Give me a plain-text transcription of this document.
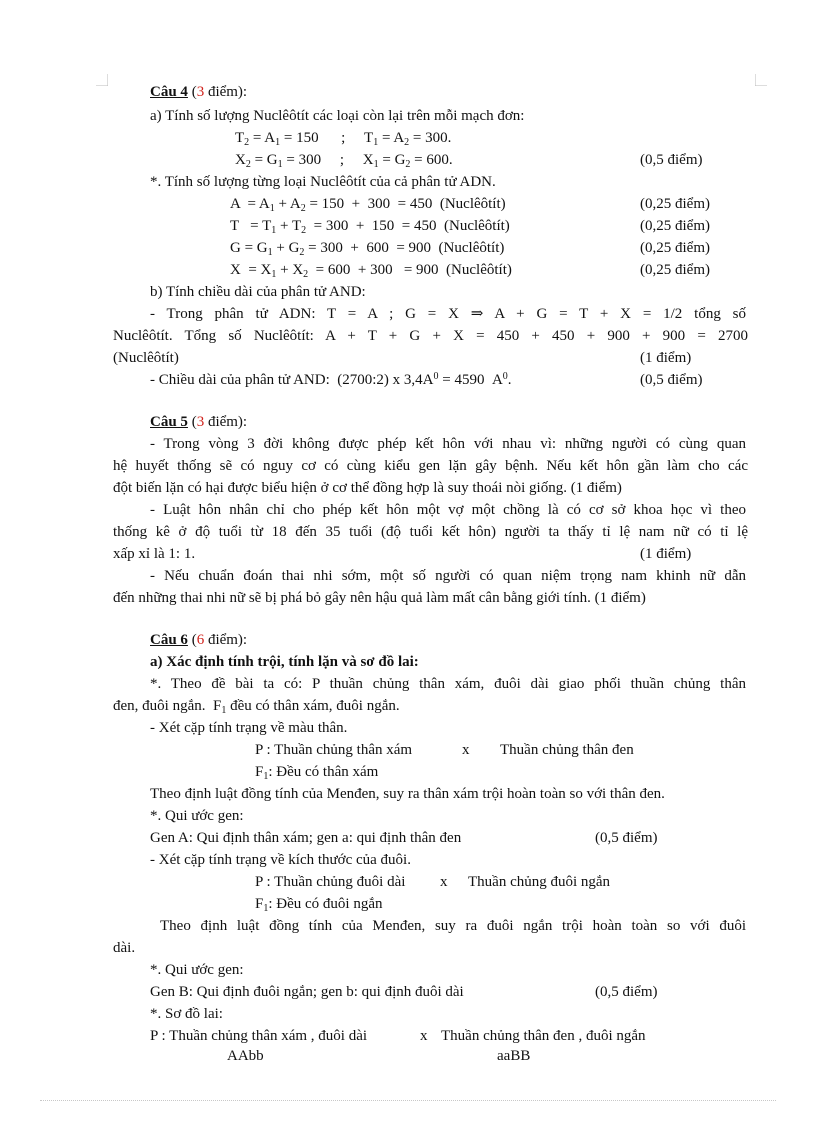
Câu 4 (3 điểm):
a) Tính số lượng Nuclêôtít các loại còn lại trên mỗi mạch đơn:
$T_2 = A_1 = 150$      ;     $T_1 = A_2 = 300$.
$X_2 = G_1 = 300$     ;     $X_1 = G_2 = 600$.	(0,5 điểm)
*. Tính số lượng từng loại Nuclêôtít của cả phân tử ADN.
$A = A_1 + A_2 = 150 + 300 = 450$  (Nuclêôtít)	(0,25 điểm)
$T = T_1 + T_2 = 300 + 150 = 450$  (Nuclêôtít)	(0,25 điểm)
$G = G_1 + G_2 = 300 + 600 = 900$  (Nuclêôtít)	(0,25 điểm)
$X = X_1 + X_2 = 600 + 300 = 900$  (Nuclêôtít)	(0,25 điểm)
b) Tính chiều dài của phân tử AND:
- Trong phân tử ADN: T = A ; G = X ⇒ A + G = T + X = 1/2 tổng số
Nuclêôtít. Tổng số Nuclêôtít: A + T + G + X = 450 + 450 + 900 + 900 = 2700
(Nuclêôtít)	(1 điểm)
- Chiều dài của phân tử AND:  (2700:2) x $3,4A^0 = 4590$  $A^0$.	(0,5 điểm)
Câu 5 (3 điểm):
- Trong vòng 3 đời không được phép kết hôn với nhau vì: những người có cùng quan
hệ huyết thống sẽ có nguy cơ có cùng kiểu gen lặn gây bệnh. Nếu kết hôn gần làm cho các
đột biến lặn có hại được biểu hiện ở cơ thể đồng hợp là suy thoái nòi giống. (1 điểm)
- Luật hôn nhân chỉ cho phép kết hôn một vợ một chồng là có cơ sở khoa học vì theo
thống kê ở độ tuổi từ 18 đến 35 tuổi (độ tuổi kết hôn) người ta thấy tỉ lệ nam nữ có tỉ lệ
xấp xỉ là 1: 1.	(1 điểm)
- Nếu chuẩn đoán thai nhi sớm, một số người có quan niệm trọng nam khinh nữ dẫn
đến những thai nhi nữ sẽ bị phá bỏ gây nên hậu quả làm mất cân bằng giới tính. (1 điểm)
Câu 6 (6 điểm):
a) Xác định tính trội, tính lặn và sơ đồ lai:
*. Theo đề bài ta có: P thuần chủng thân xám, đuôi dài giao phối thuần chủng thân
đen, đuôi ngắn.  $F_1$ đều có thân xám, đuôi ngắn.
- Xét cặp tính trạng về màu thân.
P : Thuần chủng thân xám	x Thuần chủng thân đen
$F_1$: Đều có thân xám
Theo định luật đồng tính của Menđen, suy ra thân xám trội hoàn toàn so với thân đen.
*. Qui ước gen:
Gen A: Qui định thân xám; gen a: qui định thân đen	(0,5 điểm)
- Xét cặp tính trạng về kích thước của đuôi.
P : Thuần chủng đuôi dài x Thuần chủng đuôi ngắn
$F_1$: Đều có đuôi ngắn
Theo định luật đồng tính của Menđen, suy ra đuôi ngắn trội hoàn toàn so với đuôi
dài.
*. Qui ước gen:
Gen B: Qui định đuôi ngắn; gen b: qui định đuôi dài	(0,5 điểm)
*. Sơ đồ lai:
P : Thuần chủng thân xám , đuôi dài	x Thuần chủng thân đen , đuôi ngắn
AAbb	aaBB
